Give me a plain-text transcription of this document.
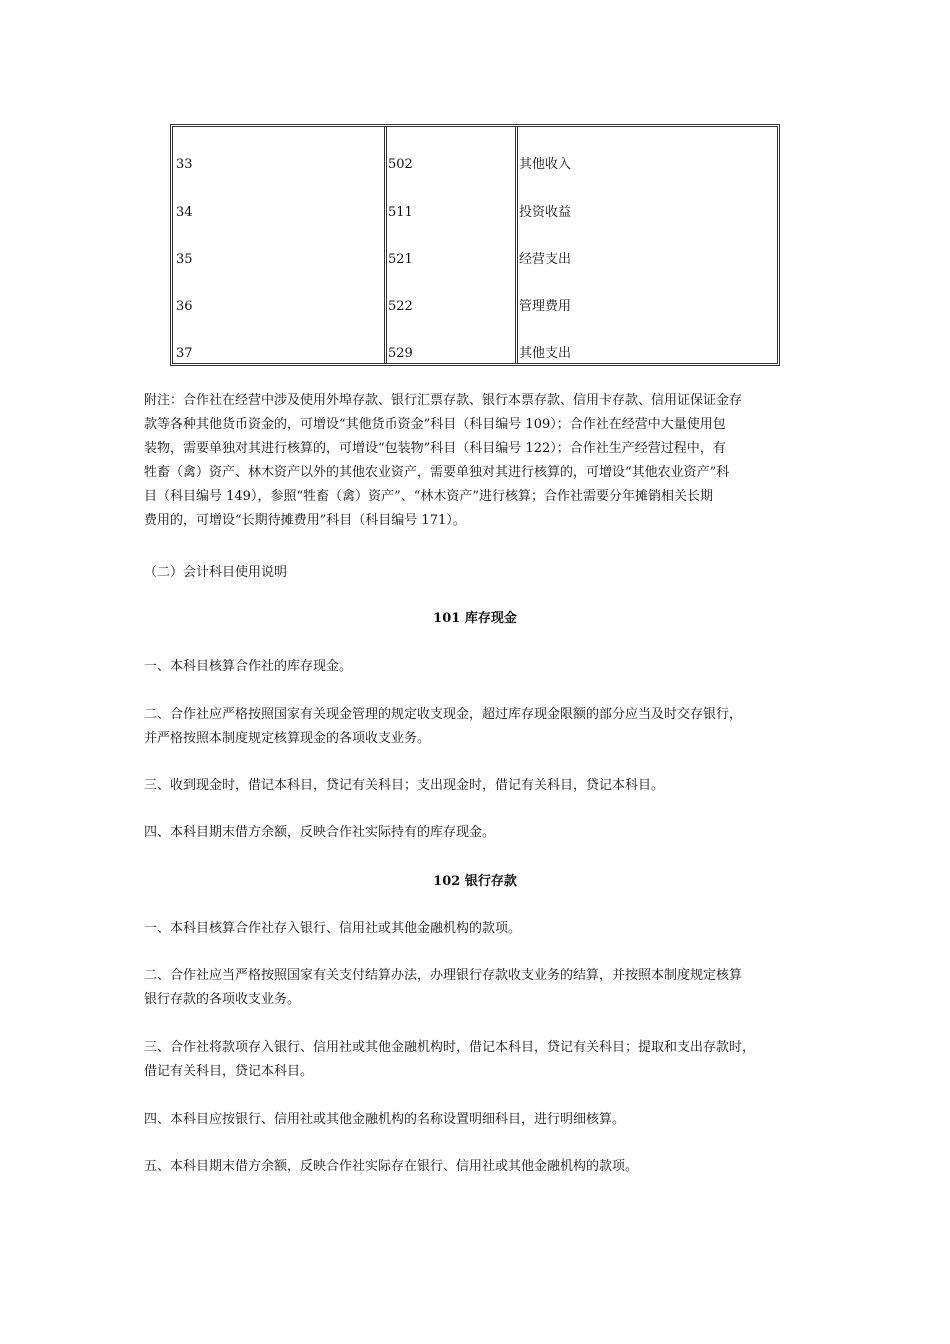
33	502	其他收入
34	511	投资收益
35	521	经营支出
36	522	管理费用
37	529	其他支出
附注：合作社在经营中涉及使用外埠存款、银行汇票存款、银行本票存款、信用卡存款、信用证保证金存
款等各种其他货币资金的，可增设“其他货币资金”科目（科目编号 109）；合作社在经营中大量使用包
装物，需要单独对其进行核算的，可增设“包装物”科目（科目编号 122）；合作社生产经营过程中，有
牲畜（禽）资产、林木资产以外的其他农业资产，需要单独对其进行核算的，可增设“其他农业资产”科
目（科目编号 149），参照“牲畜（禽）资产”、“林木资产”进行核算；合作社需要分年摊销相关长期
费用的，可增设“长期待摊费用”科目（科目编号 171）。
（二）会计科目使用说明
101 库存现金
一、本科目核算合作社的库存现金。
二、合作社应严格按照国家有关现金管理的规定收支现金，超过库存现金限额的部分应当及时交存银行，
并严格按照本制度规定核算现金的各项收支业务。
三、收到现金时，借记本科目，贷记有关科目；支出现金时，借记有关科目，贷记本科目。
四、本科目期末借方余额，反映合作社实际持有的库存现金。
102 银行存款
一、本科目核算合作社存入银行、信用社或其他金融机构的款项。
二、合作社应当严格按照国家有关支付结算办法，办理银行存款收支业务的结算，并按照本制度规定核算
银行存款的各项收支业务。
三、合作社将款项存入银行、信用社或其他金融机构时，借记本科目，贷记有关科目；提取和支出存款时，
借记有关科目，贷记本科目。
四、本科目应按银行、信用社或其他金融机构的名称设置明细科目，进行明细核算。
五、本科目期末借方余额，反映合作社实际存在银行、信用社或其他金融机构的款项。
